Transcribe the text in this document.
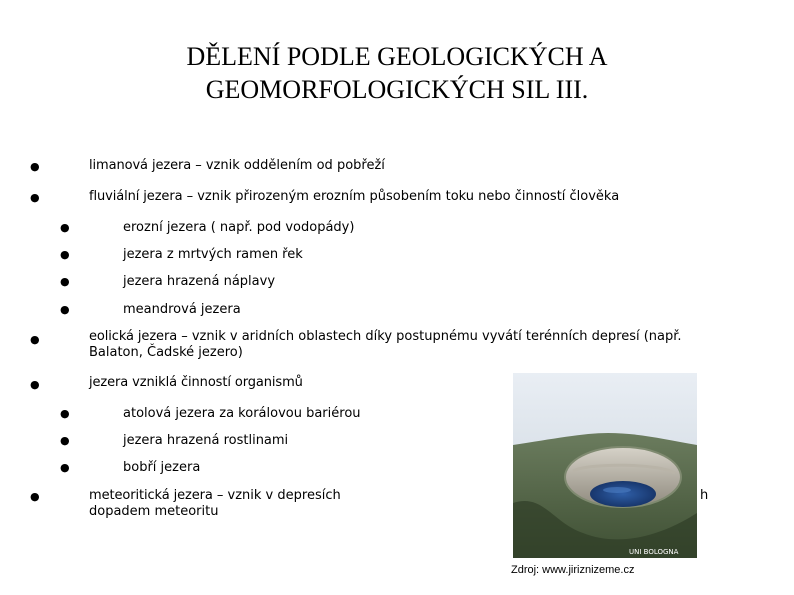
DĚLENÍ PODLE GEOLOGICKÝCH A
GEOMORFOLOGICKÝCH SIL III.
●	limanová jezera – vznik oddělením od pobřeží
●	fluviální jezera – vznik přirozeným erozním působením toku nebo činností člověka
●	erozní jezera ( např. pod vodopády)
●	jezera z mrtvých ramen řek
●	jezera hrazená náplavy
●	meandrová jezera
●	eolická jezera – vznik v aridních oblastech díky postupnému vyvátí terénních depresí (např.
Balaton, Čadské jezero)
●	jezera vzniklá činností organismů
●	atolová jezera za korálovou bariérou
●	jezera hrazená rostlinami
●	bobří jezera
●	meteoritická jezera – vznik v depresích
dopadem meteoritu
h
UNI BOLOGNA
Zdroj: www.jiriznizeme.cz
